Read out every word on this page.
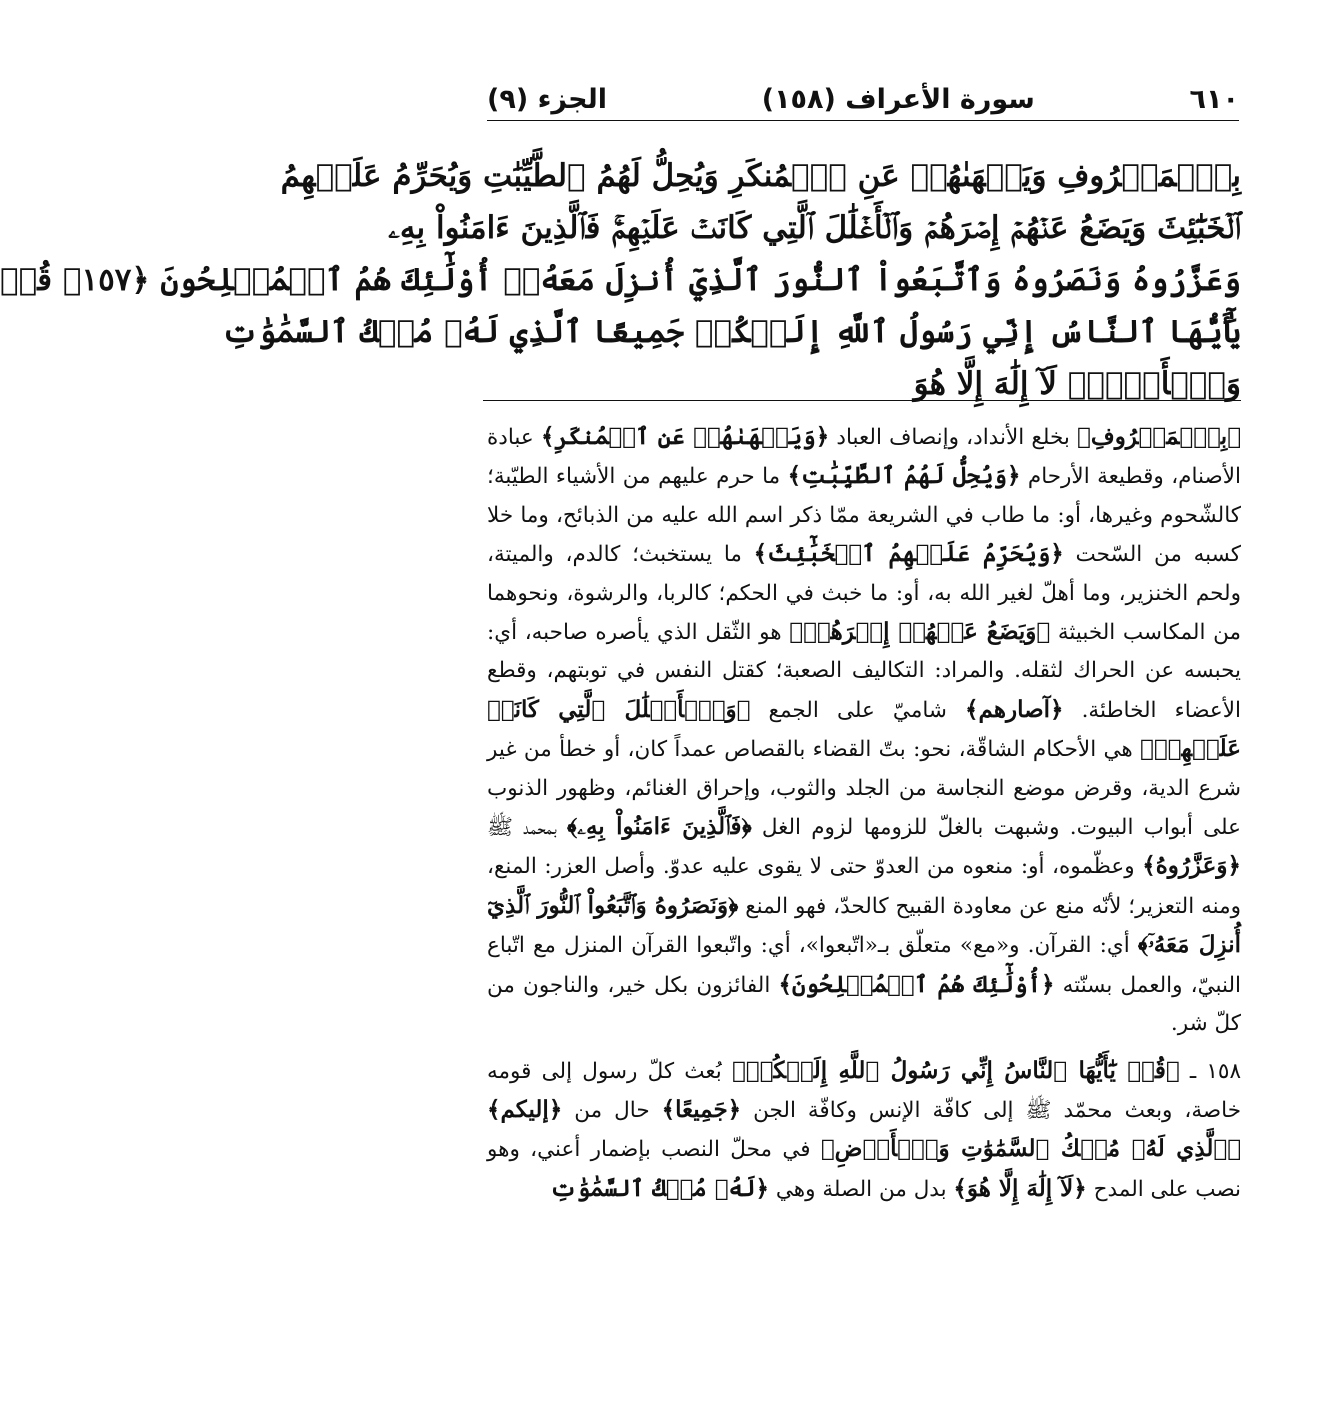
٦١٠
سورة الأعراف (١٥٨)
الجزء (٩)
بِٱلۡمَعۡرُوفِ وَيَنۡهَىٰهُمۡ عَنِ ٱلۡمُنكَرِ وَيُحِلُّ لَهُمُ ٱلطَّيِّبَٰتِ وَيُحَرِّمُ عَلَيۡهِمُ
ٱلۡخَبَٰٓئِثَ وَيَضَعُ عَنۡهُمۡ إِصۡرَهُمۡ وَٱلۡأَغۡلَٰلَ ٱلَّتِي كَانَتۡ عَلَيۡهِمۡۚ فَٱلَّذِينَ ءَامَنُواْ بِهِۦ
وَعَزَّرُوهُ وَنَصَرُوهُ وَٱتَّبَعُواْ ٱلنُّورَ ٱلَّذِيٓ أُنزِلَ مَعَهُۥٓ أُوْلَٰٓئِكَ هُمُ ٱلۡمُفۡلِحُونَ ﴿١٥٧﴾ قُلۡ
يَٰٓأَيُّهَا ٱلنَّاسُ إِنِّي رَسُولُ ٱللَّهِ إِلَيۡكُمۡ جَمِيعًا ٱلَّذِي لَهُۥ مُلۡكُ ٱلسَّمَٰوَٰتِ
وَٱلۡأَرۡضِۖ لَآ إِلَٰهَ إِلَّا هُوَ

﴿بِٱلۡمَعۡرُوفِ﴾ بخلع الأنداد، وإنصاف العباد ﴿وَيَنۡهَىٰهُمۡ عَنِ ٱلۡمُنكَرِ﴾ عبادة الأصنام، وقطيعة الأرحام ﴿وَيُحِلُّ لَهُمُ ٱلطَّيِّبَٰتِ﴾ ما حرم عليهم من الأشياء الطيّبة؛ كالشّحوم وغيرها، أو: ما طاب في الشريعة ممّا ذكر اسم الله عليه من الذبائح، وما خلا كسبه من السّحت ﴿وَيُحَرِّمُ عَلَيۡهِمُ ٱلۡخَبَٰٓئِثَ﴾ ما يستخبث؛ كالدم، والميتة، ولحم الخنزير، وما أهلّ لغير الله به، أو: ما خبث في الحكم؛ كالربا، والرشوة، ونحوهما من المكاسب الخبيثة ﴿وَيَضَعُ عَنۡهُمۡ إِصۡرَهُمۡ﴾ هو الثّقل الذي يأصره صاحبه، أي: يحبسه عن الحراك لثقله. والمراد: التكاليف الصعبة؛ كقتل النفس في توبتهم، وقطع الأعضاء الخاطئة. ﴿آصارهم﴾ شاميّ على الجمع ﴿وَٱلۡأَغۡلَٰلَ ٱلَّتِي كَانَتۡ عَلَيۡهِمۡ﴾ هي الأحكام الشاقّة، نحو: بتّ القضاء بالقصاص عمداً كان، أو خطأ من غير شرع الدية، وقرض موضع النجاسة من الجلد والثوب، وإحراق الغنائم، وظهور الذنوب على أبواب البيوت. وشبهت بالغلّ للزومها لزوم الغل ﴿فَٱلَّذِينَ ءَامَنُواْ بِهِۦ﴾ بمحمد ﷺ ﴿وَعَزَّرُوهُ﴾ وعظّموه، أو: منعوه من العدوّ حتى لا يقوى عليه عدوّ. وأصل العزر: المنع، ومنه التعزير؛ لأنّه منع عن معاودة القبيح كالحدّ، فهو المنع ﴿وَنَصَرُوهُ وَٱتَّبَعُواْ ٱلنُّورَ ٱلَّذِيٓ أُنزِلَ مَعَهُۥٓ﴾ أي: القرآن. و«مع» متعلّق بـ«اتّبعوا»، أي: واتّبعوا القرآن المنزل مع اتّباع النبيّ، والعمل بسنّته ﴿أُوْلَٰٓئِكَ هُمُ ٱلۡمُفۡلِحُونَ﴾ الفائزون بكل خير، والناجون من كلّ شر.

١٥٨ ـ ﴿قُلۡ يَٰٓأَيُّهَا ٱلنَّاسُ إِنِّي رَسُولُ ٱللَّهِ إِلَيۡكُمۡ﴾ بُعث كلّ رسول إلى قومه خاصة، وبعث محمّد ﷺ إلى كافّة الإنس وكافّة الجن ﴿جَمِيعًا﴾ حال من ﴿إليكم﴾ ﴿ٱلَّذِي لَهُۥ مُلۡكُ ٱلسَّمَٰوَٰتِ وَٱلۡأَرۡضِ﴾ في محلّ النصب بإضمار أعني، وهو نصب على المدح ﴿لَآ إِلَٰهَ إِلَّا هُوَ﴾ بدل من الصلة وهي ﴿لَهُۥ مُلۡكُ ٱلسَّمَٰوَٰتِ
